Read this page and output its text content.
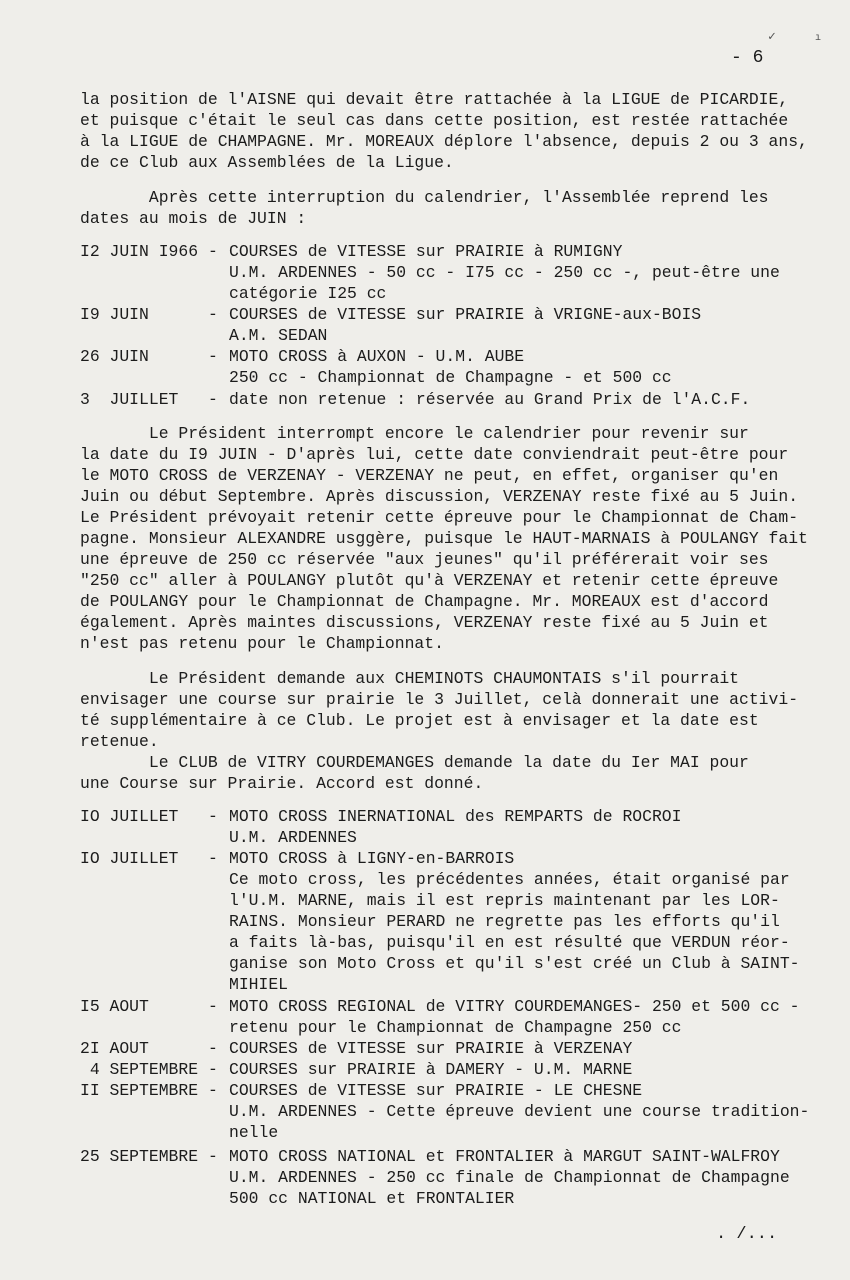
✓	ı
- 6
la position de l'AISNE qui devait être rattachée à la LIGUE de PICARDIE,
et puisque c'était le seul cas dans cette position, est restée rattachée
à la LIGUE de CHAMPAGNE. Mr. MOREAUX déplore l'absence, depuis 2 ou 3 ans,
de ce Club aux Assemblées de la Ligue.
Après cette interruption du calendrier, l'Assemblée reprend les
dates au mois de JUIN :
I2 JUIN I966 - COURSES de VITESSE sur PRAIRIE à RUMIGNY
U.M. ARDENNES - 50 cc - I75 cc - 250 cc -, peut-être une
catégorie I25 cc
I9 JUIN	- COURSES de VITESSE sur PRAIRIE à VRIGNE-aux-BOIS
A.M. SEDAN
26 JUIN	- MOTO CROSS à AUXON - U.M. AUBE
250 cc - Championnat de Champagne - et 500 cc
3  JUILLET - date non retenue : réservée au Grand Prix de l'A.C.F.
Le Président interrompt encore le calendrier pour revenir sur
la date du I9 JUIN - D'après lui, cette date conviendrait peut-être pour
le MOTO CROSS de VERZENAY - VERZENAY ne peut, en effet, organiser qu'en
Juin ou début Septembre. Après discussion, VERZENAY reste fixé au 5 Juin.
Le Président prévoyait retenir cette épreuve pour le Championnat de Cham-
pagne. Monsieur ALEXANDRE usggère, puisque le HAUT-MARNAIS à POULANGY fait
une épreuve de 250 cc réservée "aux jeunes" qu'il préférerait voir ses
"250 cc" aller à POULANGY plutôt qu'à VERZENAY et retenir cette épreuve
de POULANGY pour le Championnat de Champagne. Mr. MOREAUX est d'accord
également. Après maintes discussions, VERZENAY reste fixé au 5 Juin et
n'est pas retenu pour le Championnat.
Le Président demande aux CHEMINOTS CHAUMONTAIS s'il pourrait
envisager une course sur prairie le 3 Juillet, celà donnerait une activi-
té supplémentaire à ce Club. Le projet est à envisager et la date est
retenue.
Le CLUB de VITRY COURDEMANGES demande la date du Ier MAI pour
une Course sur Prairie. Accord est donné.
IO JUILLET - MOTO CROSS INERNATIONAL des REMPARTS de ROCROI
U.M. ARDENNES
IO JUILLET - MOTO CROSS à LIGNY-en-BARROIS
Ce moto cross, les précédentes années, était organisé par
l'U.M. MARNE, mais il est repris maintenant par les LOR-
RAINS. Monsieur PERARD ne regrette pas les efforts qu'il
a faits là-bas, puisqu'il en est résulté que VERDUN réor-
ganise son Moto Cross et qu'il s'est créé un Club à SAINT-
MIHIEL
I5 AOUT	- MOTO CROSS REGIONAL de VITRY COURDEMANGES- 250 et 500 cc -
retenu pour le Championnat de Champagne 250 cc
2I AOUT	- COURSES de VITESSE sur PRAIRIE à VERZENAY
4 SEPTEMBRE - COURSES sur PRAIRIE à DAMERY - U.M. MARNE
II SEPTEMBRE - COURSES de VITESSE sur PRAIRIE - LE CHESNE
U.M. ARDENNES - Cette épreuve devient une course tradition-
nelle
25 SEPTEMBRE - MOTO CROSS NATIONAL et FRONTALIER à MARGUT SAINT-WALFROY
U.M. ARDENNES - 250 cc finale de Championnat de Champagne
500 cc NATIONAL et FRONTALIER
. /...
